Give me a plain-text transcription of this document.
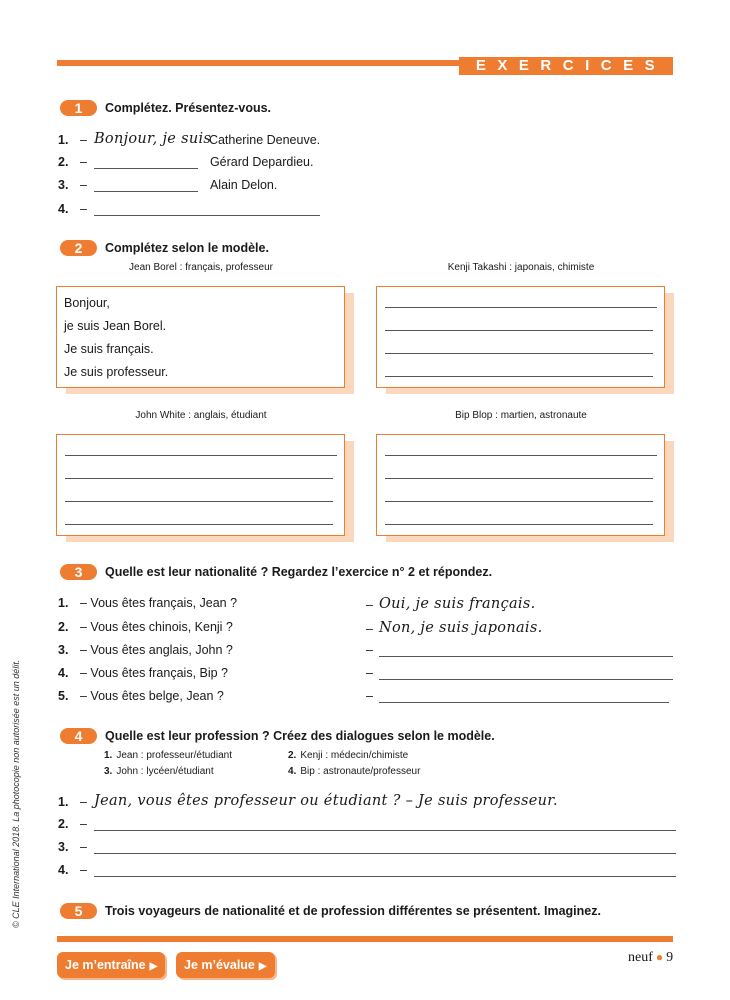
EXERCICES
1	Complétez. Présentez-vous.
1. – Bonjour, je suis
Catherine Deneuve.
2. –	Gérard Depardieu.
3. –	Alain Delon.
4. –
2	Complétez selon le modèle.
Jean Borel : français, professeur	Kenji Takashi : japonais, chimiste
Bonjour,
je suis Jean Borel.
Je suis français.
Je suis professeur.
John White : anglais, étudiant	Bip Blop : martien, astronaute
3	Quelle est leur nationalité ? Regardez l’exercice n° 2 et répondez.
1. – Vous êtes français, Jean ?	– Oui, je suis français.
2. – Vous êtes chinois, Kenji ?	– Non, je suis japonais.
3. – Vous êtes anglais, John ?	–
4. – Vous êtes français, Bip ?	–
5. – Vous êtes belge, Jean ?	–
4	Quelle est leur profession ? Créez des dialogues selon le modèle.
1. Jean : professeur/étudiant	2. Kenji : médecin/chimiste
3. John : lycéen/étudiant	4. Bip : astronaute/professeur
1. – Jean, vous êtes professeur ou étudiant ? – Je suis professeur.
2. –
3. –
4. –
5	Trois voyageurs de nationalité et de profession différentes se présentent. Imaginez.
Je m’entraîne ▶	Je m’évalue ▶
neuf ● 9
© CLE International 2018. La photocopie non autorisée est un délit.
